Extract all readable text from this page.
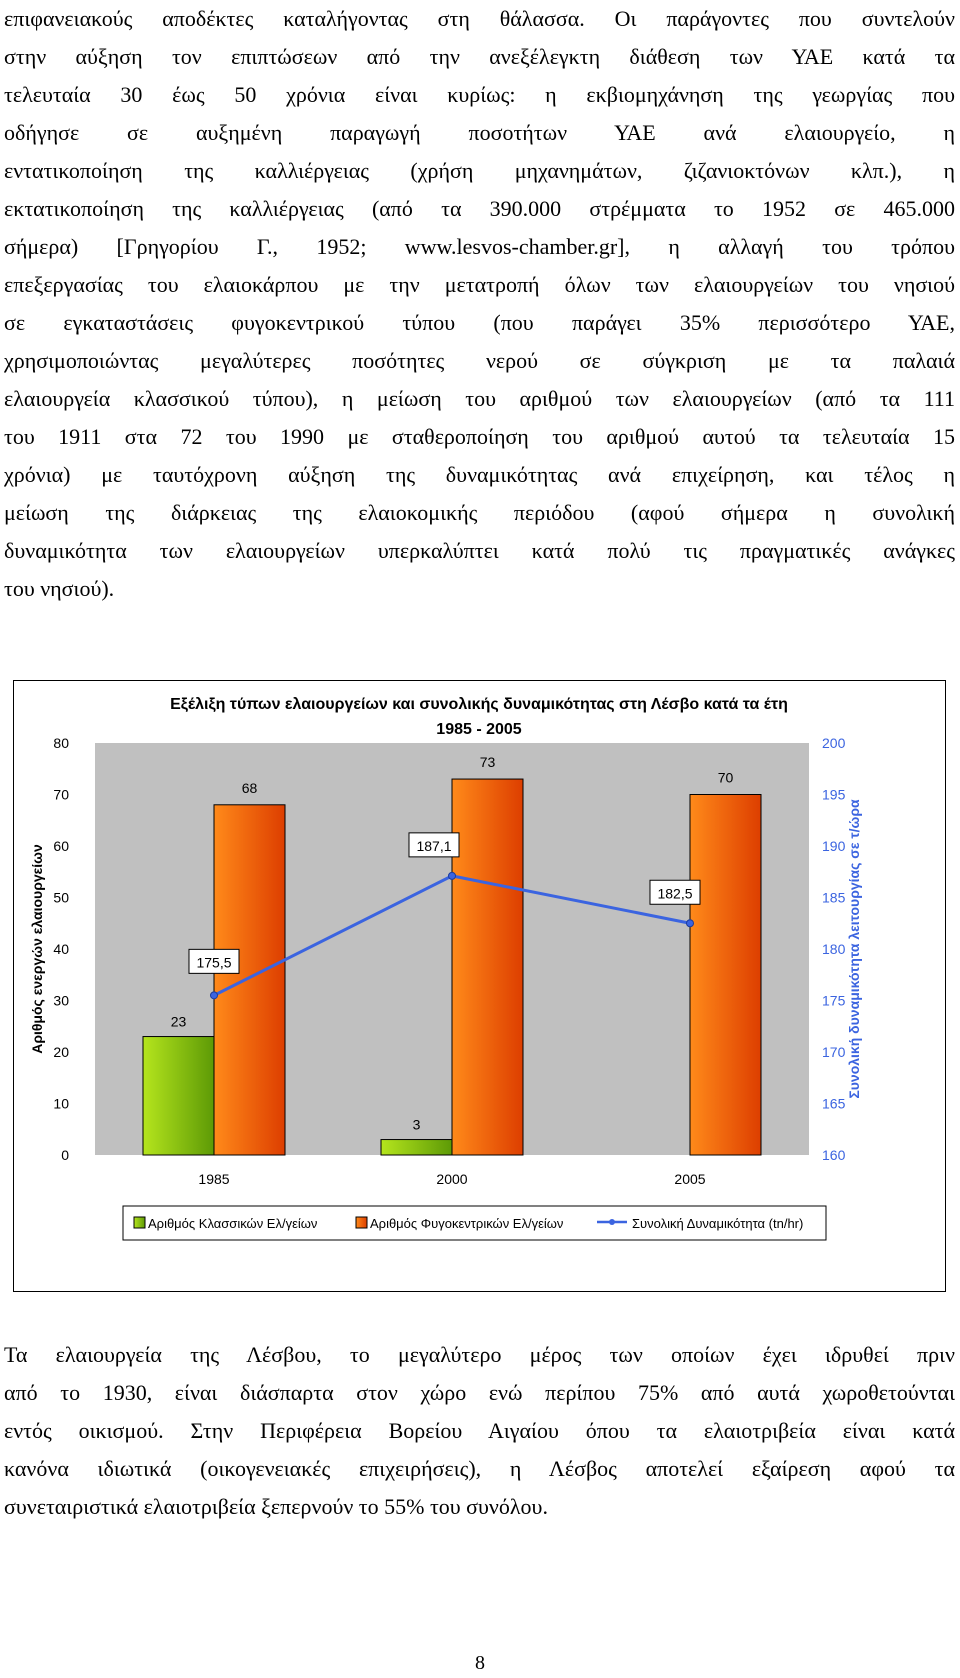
επιφανειακούς αποδέκτες καταλήγοντας στη θάλασσα. Οι παράγοντες που συντελούν
στην αύξηση τον επιπτώσεων από την ανεξέλεγκτη διάθεση των ΥΑΕ κατά τα
τελευταία 30 έως 50 χρόνια είναι κυρίως: η εκβιομηχάνηση της γεωργίας που
οδήγησε σε αυξημένη παραγωγή ποσοτήτων ΥΑΕ ανά ελαιουργείο, η
εντατικοποίηση της καλλιέργειας (χρήση μηχανημάτων, ζιζανιοκτόνων κλπ.), η
εκτατικοποίηση της καλλιέργειας (από τα 390.000 στρέμματα το 1952 σε 465.000
σήμερα) [Γρηγορίου Γ., 1952; www.lesvos-chamber.gr], η αλλαγή του τρόπου
επεξεργασίας του ελαιοκάρπου με την μετατροπή όλων των ελαιουργείων του νησιού
σε εγκαταστάσεις φυγοκεντρικού τύπου (που παράγει 35% περισσότερο ΥΑΕ,
χρησιμοποιώντας μεγαλύτερες ποσότητες νερού σε σύγκριση με τα παλαιά
ελαιουργεία κλασσικού τύπου), η μείωση του αριθμού των ελαιουργείων (από τα 111
του 1911 στα 72 του 1990 με σταθεροποίηση του αριθμού αυτού τα τελευταία 15
χρόνια) με ταυτόχρονη αύξηση της δυναμικότητας ανά επιχείρηση, και τέλος η
μείωση της διάρκειας της ελαιοκομικής περιόδου (αφού σήμερα η συνολική
δυναμικότητα των ελαιουργείων υπερκαλύπτει κατά πολύ τις πραγματικές ανάγκες
του νησιού).
Εξέλιξη τύπων ελαιουργείων και συνολικής δυναμικότητας στη Λέσβο κατά τα έτη
1985 - 2005
0
10
20
30
40
50
60
70
80
160
165
170
175
180
185
190
195
200
Αριθμός ενεργών ελαιουργείων	Συνολική δυναμικότητα λειτουργίας σε τ/ώρα
23
3
68
73
70
175,5
187,1
182,5
1985	2000	2005
Αριθμός Κλασσικών Ελ/γείων	Αριθμός Φυγοκεντρικών Ελ/γείων	Συνολική Δυναμικότητα (tn/hr)
Τα ελαιουργεία της Λέσβου, το μεγαλύτερο μέρος των οποίων έχει ιδρυθεί πριν
από το 1930, είναι διάσπαρτα στον χώρο ενώ περίπου 75% από αυτά χωροθετούνται
εντός οικισμού. Στην Περιφέρεια Βορείου Αιγαίου όπου τα ελαιοτριβεία είναι κατά
κανόνα ιδιωτικά (οικογενειακές επιχειρήσεις), η Λέσβος αποτελεί εξαίρεση αφού τα
συνεταιριστικά ελαιοτριβεία ξεπερνούν το 55% του συνόλου.
8
